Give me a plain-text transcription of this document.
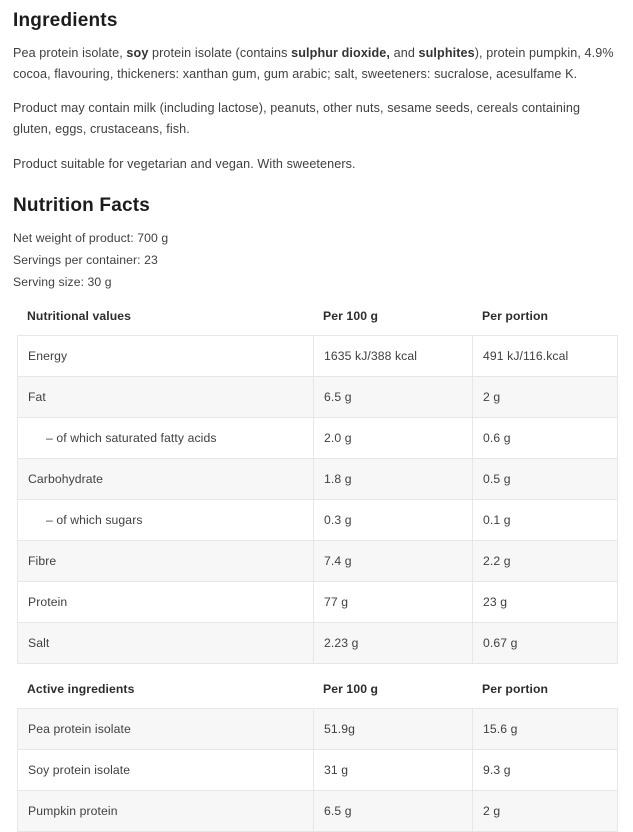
Ingredients

Pea protein isolate, soy protein isolate (contains sulphur dioxide, and sulphites), protein pumpkin, 4.9% cocoa, flavouring, thickeners: xanthan gum, gum arabic; salt, sweeteners: sucralose, acesulfame K.

Product may contain milk (including lactose), peanuts, other nuts, sesame seeds, cereals containing gluten, eggs, crustaceans, fish.

Product suitable for vegetarian and vegan. With sweeteners.

Nutrition Facts

Net weight of product: 700 g

Servings per container: 23

Serving size: 30 g

Nutritional values	Per 100 g	Per portion
Energy	1635 kJ/388 kcal	491 kJ/116.kcal
Fat	6.5 g	2 g
– of which saturated fatty acids	2.0 g	0.6 g
Carbohydrate	1.8 g	0.5 g
– of which sugars	0.3 g	0.1 g
Fibre	7.4 g	2.2 g
Protein	77 g	23 g
Salt	2.23 g	0.67 g
Active ingredients	Per 100 g	Per portion
Pea protein isolate	51.9g	15.6 g
Soy protein isolate	31 g	9.3 g
Pumpkin protein	6.5 g	2 g
